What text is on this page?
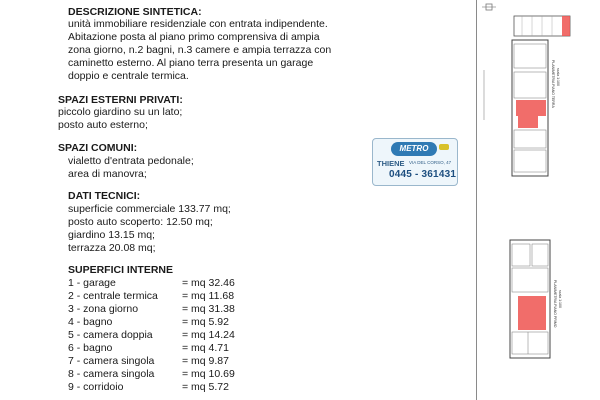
DESCRIZIONE SINTETICA:
unità immobiliare residenziale con entrata indipendente.
Abitazione posta al piano primo comprensiva di ampia
zona giorno, n.2 bagni, n.3 camere e ampia terrazza con
caminetto esterno. Al piano terra presenta un garage
doppio e centrale termica.
SPAZI ESTERNI PRIVATI:
piccolo giardino su un lato;
posto auto esterno;
SPAZI COMUNI:
vialetto d'entrata pedonale;
area di manovra;
DATI TECNICI:
superficie commerciale 133.77 mq;
posto auto scoperto: 12.50 mq;
giardino 13.15 mq;
terrazza 20.08 mq;
SUPERFICI INTERNE
1 - garage	= mq 32.46
2 - centrale termica = mq 11.68
3 - zona giorno	= mq 31.38
4 - bagno	= mq 5.92
5 - camera doppia	= mq 14.24
6 - bagno	= mq 4.71
7 - camera singola	= mq 9.87
8 - camera singola	= mq 10.69
9 - corridoio	= mq 5.72
METRO
THIENE VIA DEL CORSO, 47
0445 - 361431
PLANIMETRIA PIANO TERRA scala 1:100
PLANIMETRIA PIANO PRIMO scala 1:100
